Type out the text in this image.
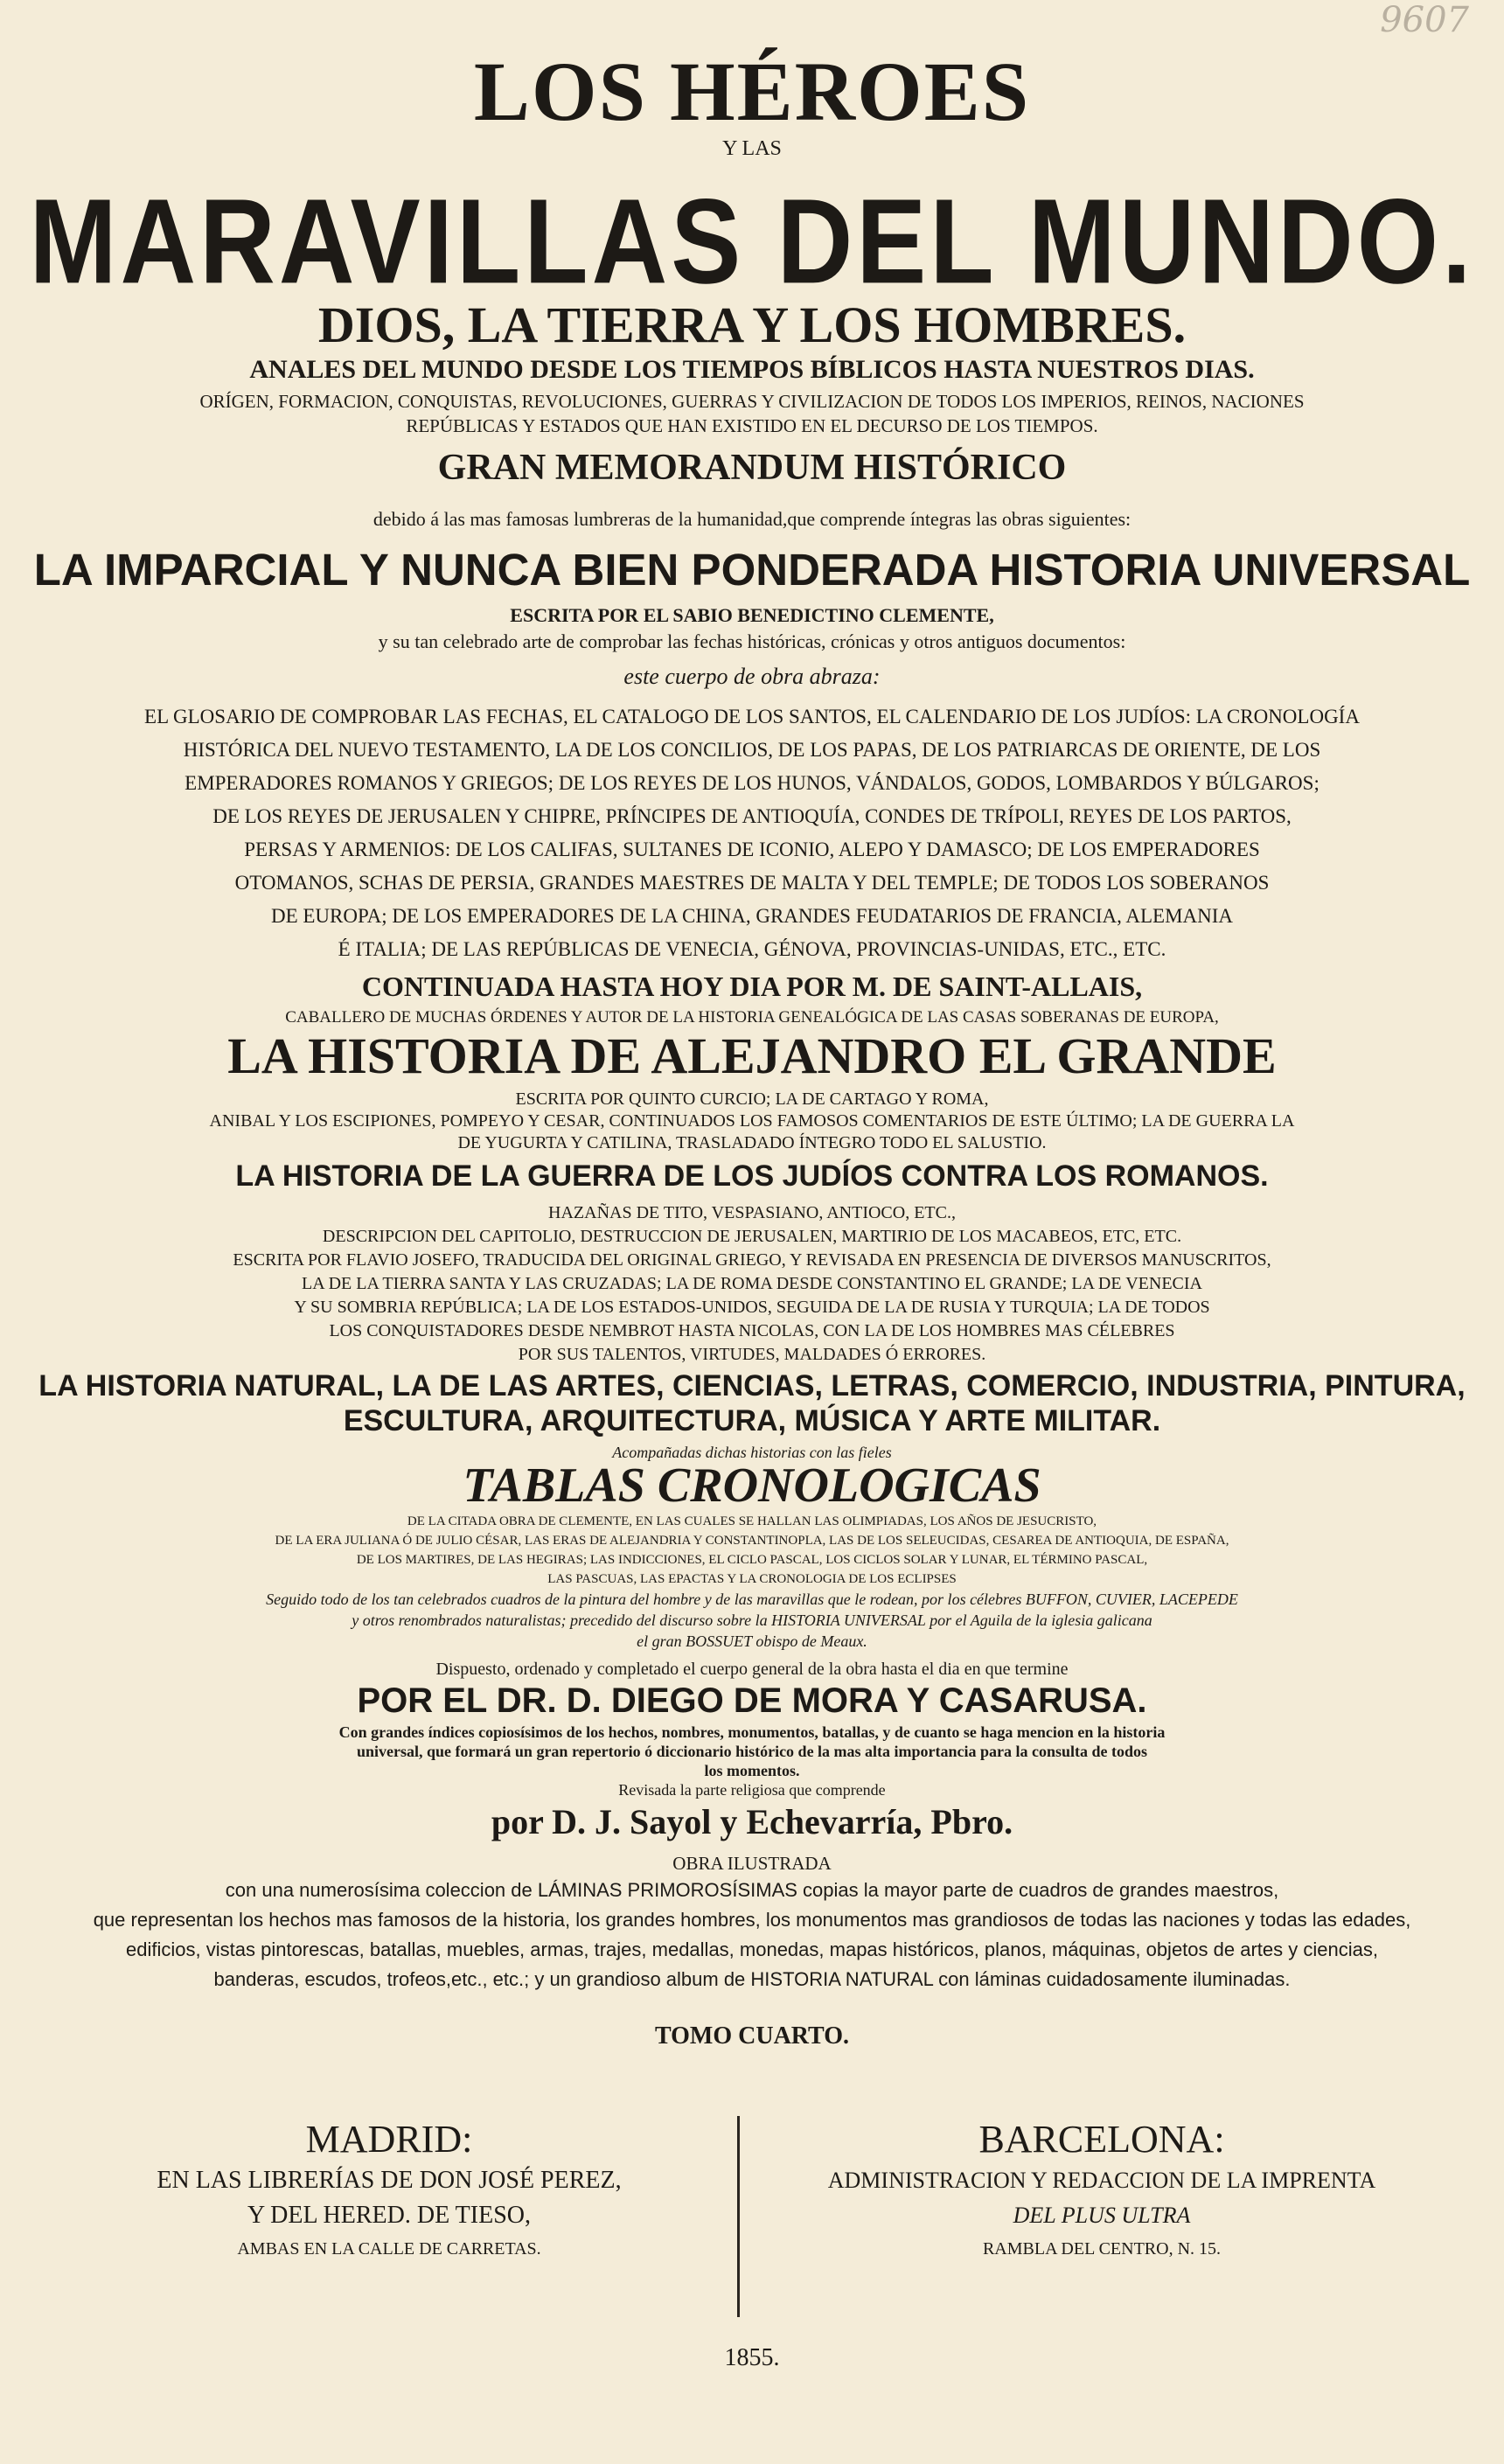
9607
LOS HÉROES
Y LAS
MARAVILLAS DEL MUNDO.
DIOS, LA TIERRA Y LOS HOMBRES.
ANALES DEL MUNDO DESDE LOS TIEMPOS BÍBLICOS HASTA NUESTROS DIAS.
ORÍGEN, FORMACION, CONQUISTAS, REVOLUCIONES, GUERRAS Y CIVILIZACION DE TODOS LOS IMPERIOS, REINOS, NACIONES
REPÚBLICAS Y ESTADOS QUE HAN EXISTIDO EN EL DECURSO DE LOS TIEMPOS.
GRAN MEMORANDUM HISTÓRICO
debido á las mas famosas lumbreras de la humanidad,que comprende íntegras las obras siguientes:
LA IMPARCIAL Y NUNCA BIEN PONDERADA HISTORIA UNIVERSAL
ESCRITA POR EL SABIO BENEDICTINO CLEMENTE,
y su tan celebrado arte de comprobar las fechas históricas, crónicas y otros antiguos documentos:
este cuerpo de obra abraza:
EL GLOSARIO DE COMPROBAR LAS FECHAS, EL CATALOGO DE LOS SANTOS, EL CALENDARIO DE LOS JUDÍOS: LA CRONOLOGÍA
HISTÓRICA DEL NUEVO TESTAMENTO, LA DE LOS CONCILIOS, DE LOS PAPAS, DE LOS PATRIARCAS DE ORIENTE, DE LOS
EMPERADORES ROMANOS Y GRIEGOS; DE LOS REYES DE LOS HUNOS, VÁNDALOS, GODOS, LOMBARDOS Y BÚLGAROS;
DE LOS REYES DE JERUSALEN Y CHIPRE, PRÍNCIPES DE ANTIOQUÍA, CONDES DE TRÍPOLI, REYES DE LOS PARTOS,
PERSAS Y ARMENIOS: DE LOS CALIFAS, SULTANES DE ICONIO, ALEPO Y DAMASCO; DE LOS EMPERADORES
OTOMANOS, SCHAS DE PERSIA, GRANDES MAESTRES DE MALTA Y DEL TEMPLE; DE TODOS LOS SOBERANOS
DE EUROPA; DE LOS EMPERADORES DE LA CHINA, GRANDES FEUDATARIOS DE FRANCIA, ALEMANIA
É ITALIA; DE LAS REPÚBLICAS DE VENECIA, GÉNOVA, PROVINCIAS-UNIDAS, ETC., ETC.
CONTINUADA HASTA HOY DIA POR M. DE SAINT-ALLAIS,
CABALLERO DE MUCHAS ÓRDENES Y AUTOR DE LA HISTORIA GENEALÓGICA DE LAS CASAS SOBERANAS DE EUROPA,
LA HISTORIA DE ALEJANDRO EL GRANDE
ESCRITA POR QUINTO CURCIO; LA DE CARTAGO Y ROMA,
ANIBAL Y LOS ESCIPIONES, POMPEYO Y CESAR, CONTINUADOS LOS FAMOSOS COMENTARIOS DE ESTE ÚLTIMO; LA DE GUERRA LA
DE YUGURTA Y CATILINA, TRASLADADO ÍNTEGRO TODO EL SALUSTIO.
LA HISTORIA DE LA GUERRA DE LOS JUDÍOS CONTRA LOS ROMANOS.
HAZAÑAS DE TITO, VESPASIANO, ANTIOCO, ETC.,
DESCRIPCION DEL CAPITOLIO, DESTRUCCION DE JERUSALEN, MARTIRIO DE LOS MACABEOS, ETC, ETC.
ESCRITA POR FLAVIO JOSEFO, TRADUCIDA DEL ORIGINAL GRIEGO, Y REVISADA EN PRESENCIA DE DIVERSOS MANUSCRITOS,
LA DE LA TIERRA SANTA Y LAS CRUZADAS; LA DE ROMA DESDE CONSTANTINO EL GRANDE; LA DE VENECIA
Y SU SOMBRIA REPÚBLICA; LA DE LOS ESTADOS-UNIDOS, SEGUIDA DE LA DE RUSIA Y TURQUIA; LA DE TODOS
LOS CONQUISTADORES DESDE NEMBROT HASTA NICOLAS, CON LA DE LOS HOMBRES MAS CÉLEBRES
POR SUS TALENTOS, VIRTUDES, MALDADES Ó ERRORES.
LA HISTORIA NATURAL, LA DE LAS ARTES, CIENCIAS, LETRAS, COMERCIO, INDUSTRIA, PINTURA,
ESCULTURA, ARQUITECTURA, MÚSICA Y ARTE MILITAR.
Acompañadas dichas historias con las fieles
TABLAS CRONOLOGICAS
DE LA CITADA OBRA DE CLEMENTE, EN LAS CUALES SE HALLAN LAS OLIMPIADAS, LOS AÑOS DE JESUCRISTO,
DE LA ERA JULIANA Ó DE JULIO CÉSAR, LAS ERAS DE ALEJANDRIA Y CONSTANTINOPLA, LAS DE LOS SELEUCIDAS, CESAREA DE ANTIOQUIA, DE ESPAÑA,
DE LOS MARTIRES, DE LAS HEGIRAS; LAS INDICCIONES, EL CICLO PASCAL, LOS CICLOS SOLAR Y LUNAR, EL TÉRMINO PASCAL,
LAS PASCUAS, LAS EPACTAS Y LA CRONOLOGIA DE LOS ECLIPSES
Seguido todo de los tan celebrados cuadros de la pintura del hombre y de las maravillas que le rodean, por los célebres BUFFON, CUVIER, LACEPEDE
y otros renombrados naturalistas; precedido del discurso sobre la HISTORIA UNIVERSAL por el Aguila de la iglesia galicana
el gran BOSSUET obispo de Meaux.
Dispuesto, ordenado y completado el cuerpo general de la obra hasta el dia en que termine
POR EL DR. D. DIEGO DE MORA Y CASARUSA.
Con grandes índices copiosísimos de los hechos, nombres, monumentos, batallas, y de cuanto se haga mencion en la historia
universal, que formará un gran repertorio ó diccionario histórico de la mas alta importancia para la consulta de todos
los momentos.
Revisada la parte religiosa que comprende
por D. J. Sayol y Echevarría, Pbro.
OBRA ILUSTRADA
con una numerosísima coleccion de LÁMINAS PRIMOROSÍSIMAS copias la mayor parte de cuadros de grandes maestros,
que representan los hechos mas famosos de la historia, los grandes hombres, los monumentos mas grandiosos de todas las naciones y todas las edades,
edificios, vistas pintorescas, batallas, muebles, armas, trajes, medallas, monedas, mapas históricos, planos, máquinas, objetos de artes y ciencias,
banderas, escudos, trofeos,etc., etc.; y un grandioso album de HISTORIA NATURAL con láminas cuidadosamente iluminadas.
TOMO CUARTO.
MADRID:
EN LAS LIBRERÍAS DE DON JOSÉ PEREZ,
Y DEL HERED. DE TIESO,
AMBAS EN LA CALLE DE CARRETAS.
BARCELONA:
ADMINISTRACION Y REDACCION DE LA IMPRENTA
DEL PLUS ULTRA
RAMBLA DEL CENTRO, N. 15.
1855.
